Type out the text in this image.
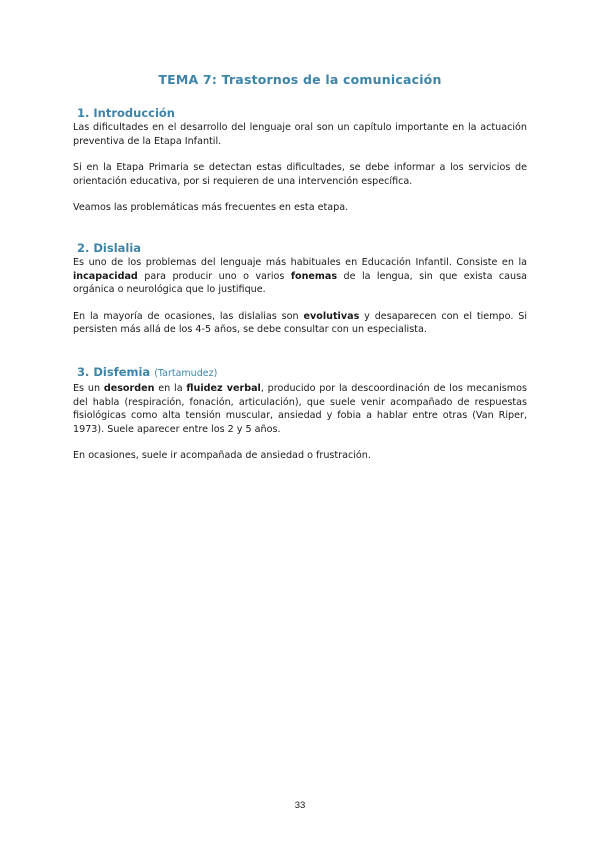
TEMA 7: Trastornos de la comunicación
1. Introducción

Las dificultades en el desarrollo del lenguaje oral son un capítulo importante en la actuación preventiva de la Etapa Infantil.

Si en la Etapa Primaria se detectan estas dificultades, se debe informar a los servicios de orientación educativa, por si requieren de una intervención específica.

Veamos las problemáticas más frecuentes en esta etapa.

2. Dislalia

Es uno de los problemas del lenguaje más habituales en Educación Infantil. Consiste en la incapacidad para producir uno o varios fonemas de la lengua, sin que exista causa orgánica o neurológica que lo justifique.

En la mayoría de ocasiones, las dislalias son evolutivas y desaparecen con el tiempo. Si persisten más allá de los 4-5 años, se debe consultar con un especialista.

3. Disfemia (Tartamudez)

Es un desorden en la fluidez verbal, producido por la descoordinación de los mecanismos del habla (respiración, fonación, articulación), que suele venir acompañado de respuestas fisiológicas como alta tensión muscular, ansiedad y fobia a hablar entre otras (Van Riper, 1973). Suele aparecer entre los 2 y 5 años.

En ocasiones, suele ir acompañada de ansiedad o frustración.

33
